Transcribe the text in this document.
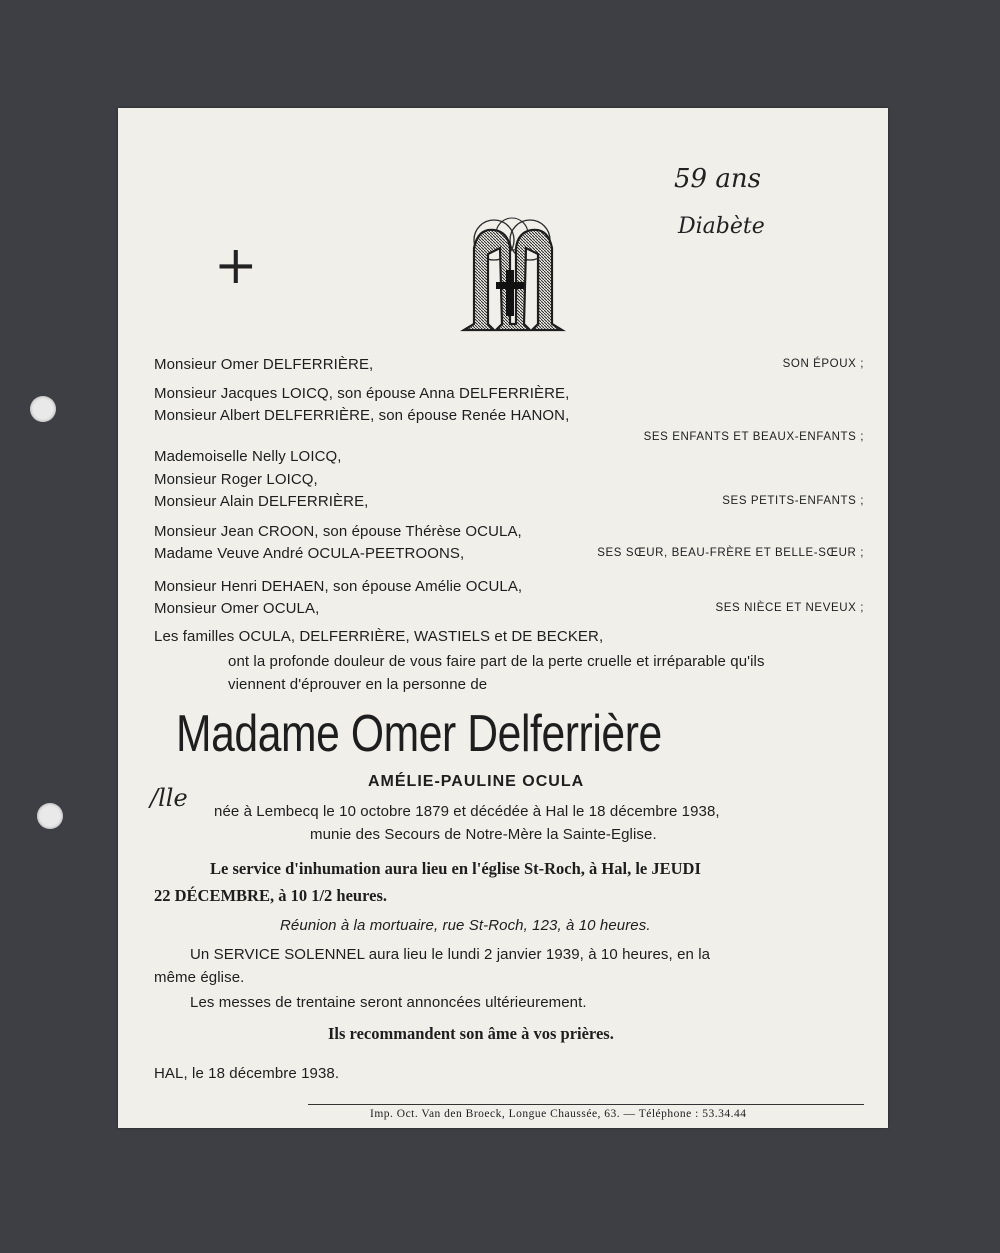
59 ans
Diabète
+
/lle
Monsieur Omer DELFERRIÈRE,	SON ÉPOUX ;
Monsieur Jacques LOICQ, son épouse Anna DELFERRIÈRE,
Monsieur Albert DELFERRIÈRE, son épouse Renée HANON,
SES ENFANTS ET BEAUX-ENFANTS ;
Mademoiselle Nelly LOICQ,
Monsieur Roger LOICQ,
Monsieur Alain DELFERRIÈRE,	SES PETITS-ENFANTS ;
Monsieur Jean CROON, son épouse Thérèse OCULA,
Madame Veuve André OCULA-PEETROONS,	SES SŒUR, BEAU-FRÈRE ET BELLE-SŒUR ;
Monsieur Henri DEHAEN, son épouse Amélie OCULA,
Monsieur Omer OCULA,	SES NIÈCE ET NEVEUX ;
Les familles OCULA, DELFERRIÈRE, WASTIELS et DE BECKER,
ont la profonde douleur de vous faire part de la perte cruelle et irréparable qu'ils
viennent d'éprouver en la personne de
Madame Omer Delferrière
AMÉLIE-PAULINE OCULA
née à Lembecq le 10 octobre 1879 et décédée à Hal le 18 décembre 1938,
munie des Secours de Notre-Mère la Sainte-Eglise.
Le service d'inhumation aura lieu en l'église St-Roch, à Hal, le JEUDI
22 DÉCEMBRE, à 10 1/2 heures.
Réunion à la mortuaire, rue St-Roch, 123, à 10 heures.
Un SERVICE SOLENNEL aura lieu le lundi 2 janvier 1939, à 10 heures, en la
même église.
Les messes de trentaine seront annoncées ultérieurement.
Ils recommandent son âme à vos prières.
HAL, le 18 décembre 1938.
Imp. Oct. Van den Broeck, Longue Chaussée, 63. — Téléphone : 53.34.44
